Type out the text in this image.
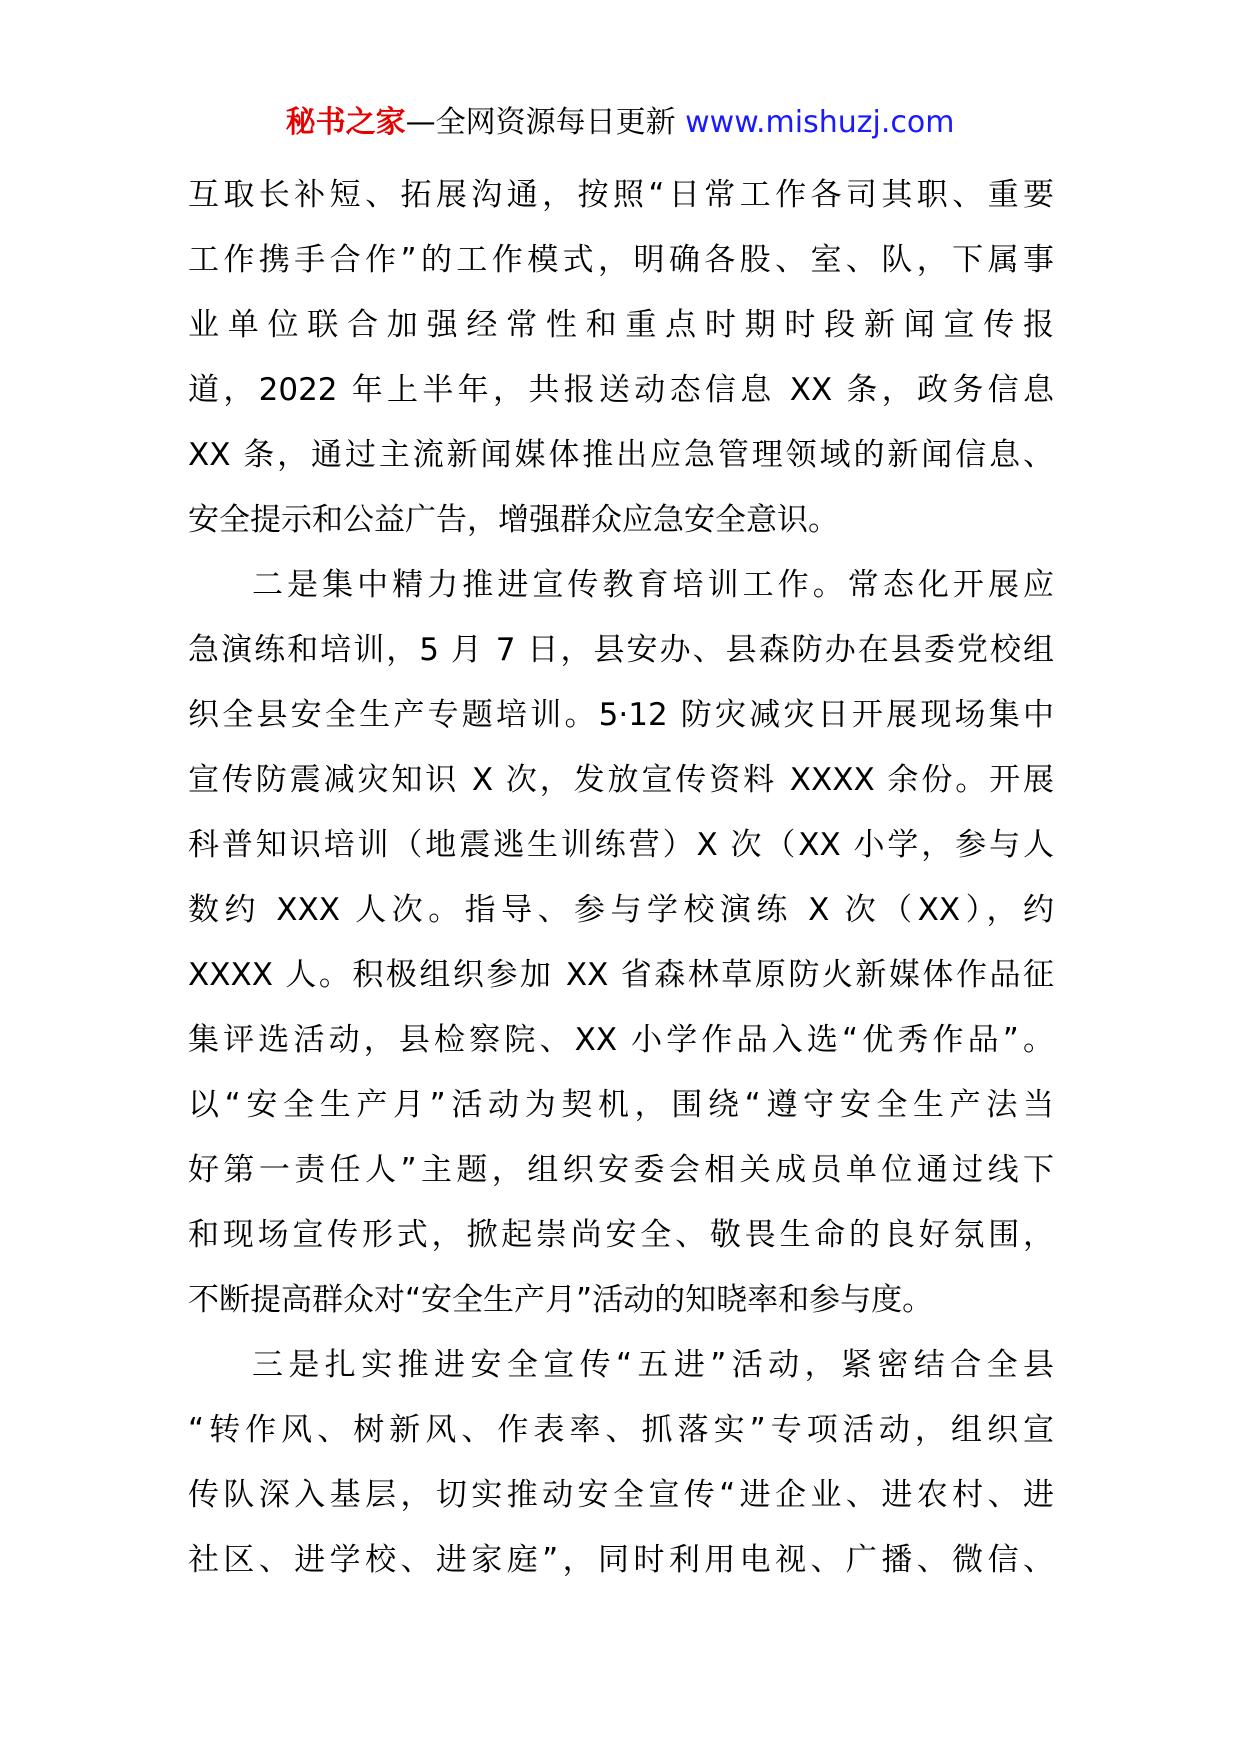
秘书之家—全网资源每日更新 www.mishuzj.com
互取长补短、拓展沟通，按照“日常工作各司其职、重要
工作携手合作”的工作模式，明确各股、室、队，下属事
业单位联合加强经常性和重点时期时段新闻宣传报
道，2022 年上半年，共报送动态信息 XX 条，政务信息
XX 条，通过主流新闻媒体推出应急管理领域的新闻信息、
安全提示和公益广告，增强群众应急安全意识。
二是集中精力推进宣传教育培训工作。常态化开展应
急演练和培训，5 月 7 日，县安办、县森防办在县委党校组
织全县安全生产专题培训。5·12 防灾减灾日开展现场集中
宣传防震减灾知识 X 次，发放宣传资料 XXXX 余份。开展
科普知识培训（地震逃生训练营）X 次（XX 小学，参与人
数约 XXX 人次。指导、参与学校演练 X 次（XX），约
XXXX 人。积极组织参加 XX 省森林草原防火新媒体作品征
集评选活动，县检察院、XX 小学作品入选“优秀作品”。
以“安全生产月”活动为契机，围绕“遵守安全生产法当
好第一责任人”主题，组织安委会相关成员单位通过线下
和现场宣传形式，掀起崇尚安全、敬畏生命的良好氛围，
不断提高群众对“安全生产月”活动的知晓率和参与度。
三是扎实推进安全宣传“五进”活动，紧密结合全县
“转作风、树新风、作表率、抓落实”专项活动，组织宣
传队深入基层，切实推动安全宣传“进企业、进农村、进
社区、进学校、进家庭”，同时利用电视、广播、微信、
